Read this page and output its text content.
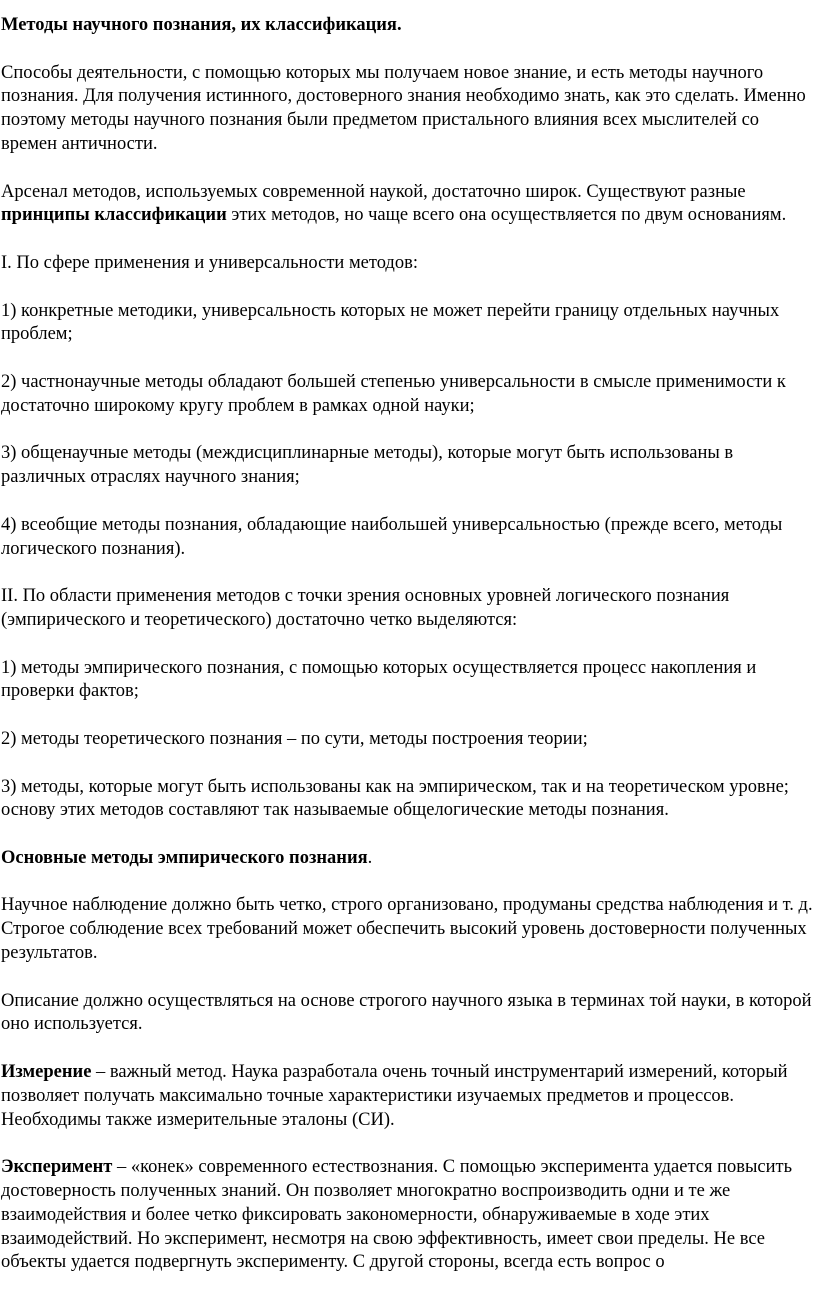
Методы научного познания, их классификация.

Способы деятельности, с помощью которых мы получаем новое знание, и есть методы научного познания. Для получения истинного, достоверного знания необходимо знать, как это сделать. Именно поэтому методы научного познания были предметом пристального влияния всех мыслителей со времен античности.

Арсенал методов, используемых современной наукой, достаточно широк. Существуют разные принципы классификации этих методов, но чаще всего она осуществляется по двум основаниям.

I. По сфере применения и универсальности методов:

1) конкретные методики, универсальность которых не может перейти границу отдельных научных проблем;

2) частнонаучные методы обладают большей степенью универсальности в смысле применимости к достаточно широкому кругу проблем в рамках одной науки;

3) общенаучные методы (междисциплинарные методы), которые могут быть использованы в различных отраслях научного знания;

4) всеобщие методы познания, обладающие наибольшей универсальностью (прежде всего, методы логического познания).

II. По области применения методов с точки зрения основных уровней логического познания (эмпирического и теоретического) достаточно четко выделяются:

1) методы эмпирического познания, с помощью которых осуществляется процесс накопления и проверки фактов;

2) методы теоретического познания – по сути, методы построения теории;

3) методы, которые могут быть использованы как на эмпирическом, так и на теоретическом уровне; основу этих методов составляют так называемые общелогические методы познания.

Основные методы эмпирического познания.

Научное наблюдение должно быть четко, строго организовано, продуманы средства наблюдения и т. д. Строгое соблюдение всех требований может обеспечить высокий уровень достоверности полученных результатов.

Описание должно осуществляться на основе строгого научного языка в терминах той науки, в которой оно используется.

Измерение – важный метод. Наука разработала очень точный инструментарий измерений, который позволяет получать максимально точные характеристики изучаемых предметов и процессов. Необходимы также измерительные эталоны (СИ).

Эксперимент – «конек» современного естествознания. С помощью эксперимента удается повысить достоверность полученных знаний. Он позволяет многократно воспроизводить одни и те же взаимодействия и более четко фиксировать закономерности, обнаруживаемые в ходе этих взаимодействий. Но эксперимент, несмотря на свою эффективность, имеет свои пределы. Не все объекты удается подвергнуть эксперименту. С другой стороны, всегда есть вопрос о
